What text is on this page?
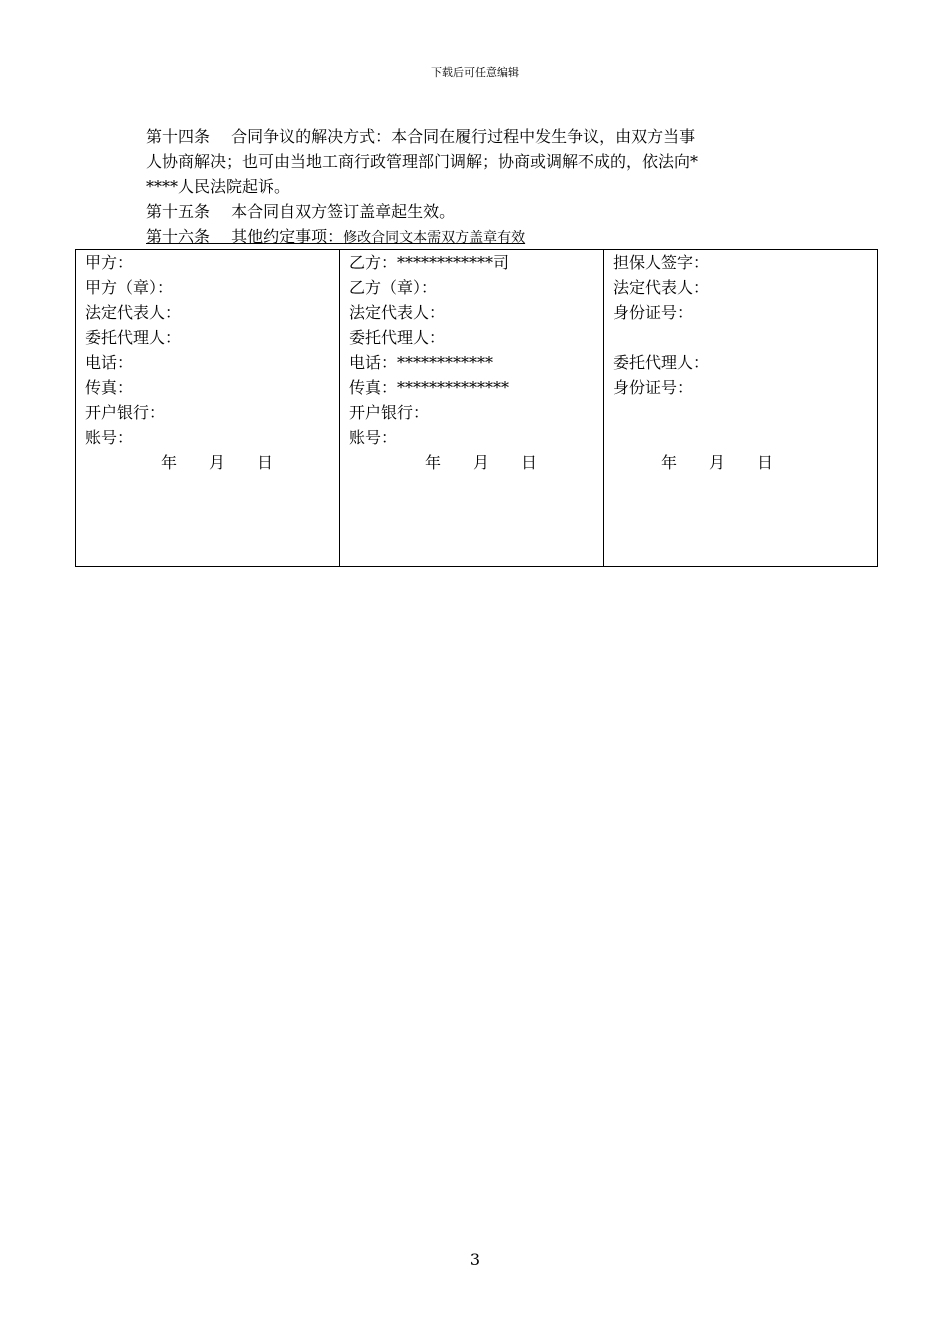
下载后可任意编辑

第十四条　 合同争议的解决方式：本合同在履行过程中发生争议，由双方当事

人协商解决；也可由当地工商行政管理部门调解；协商或调解不成的，依法向*

****人民法院起诉。

第十五条　 本合同自双方签订盖章起生效。

第十六条　 其他约定事项：修改合同文本需双方盖章有效

甲方：
甲方（章）：
法定代表人：
委托代理人：
电话：
传真：
开户银行：
账号：
年　　月　　日

乙方：************司
乙方（章）：
法定代表人：
委托代理人：
电话：************
传真：**************
开户银行：
账号：
年　　月　　日

担保人签字：
法定代表人：
身份证号：
委托代理人：
身份证号：
年　　月　　日
3
